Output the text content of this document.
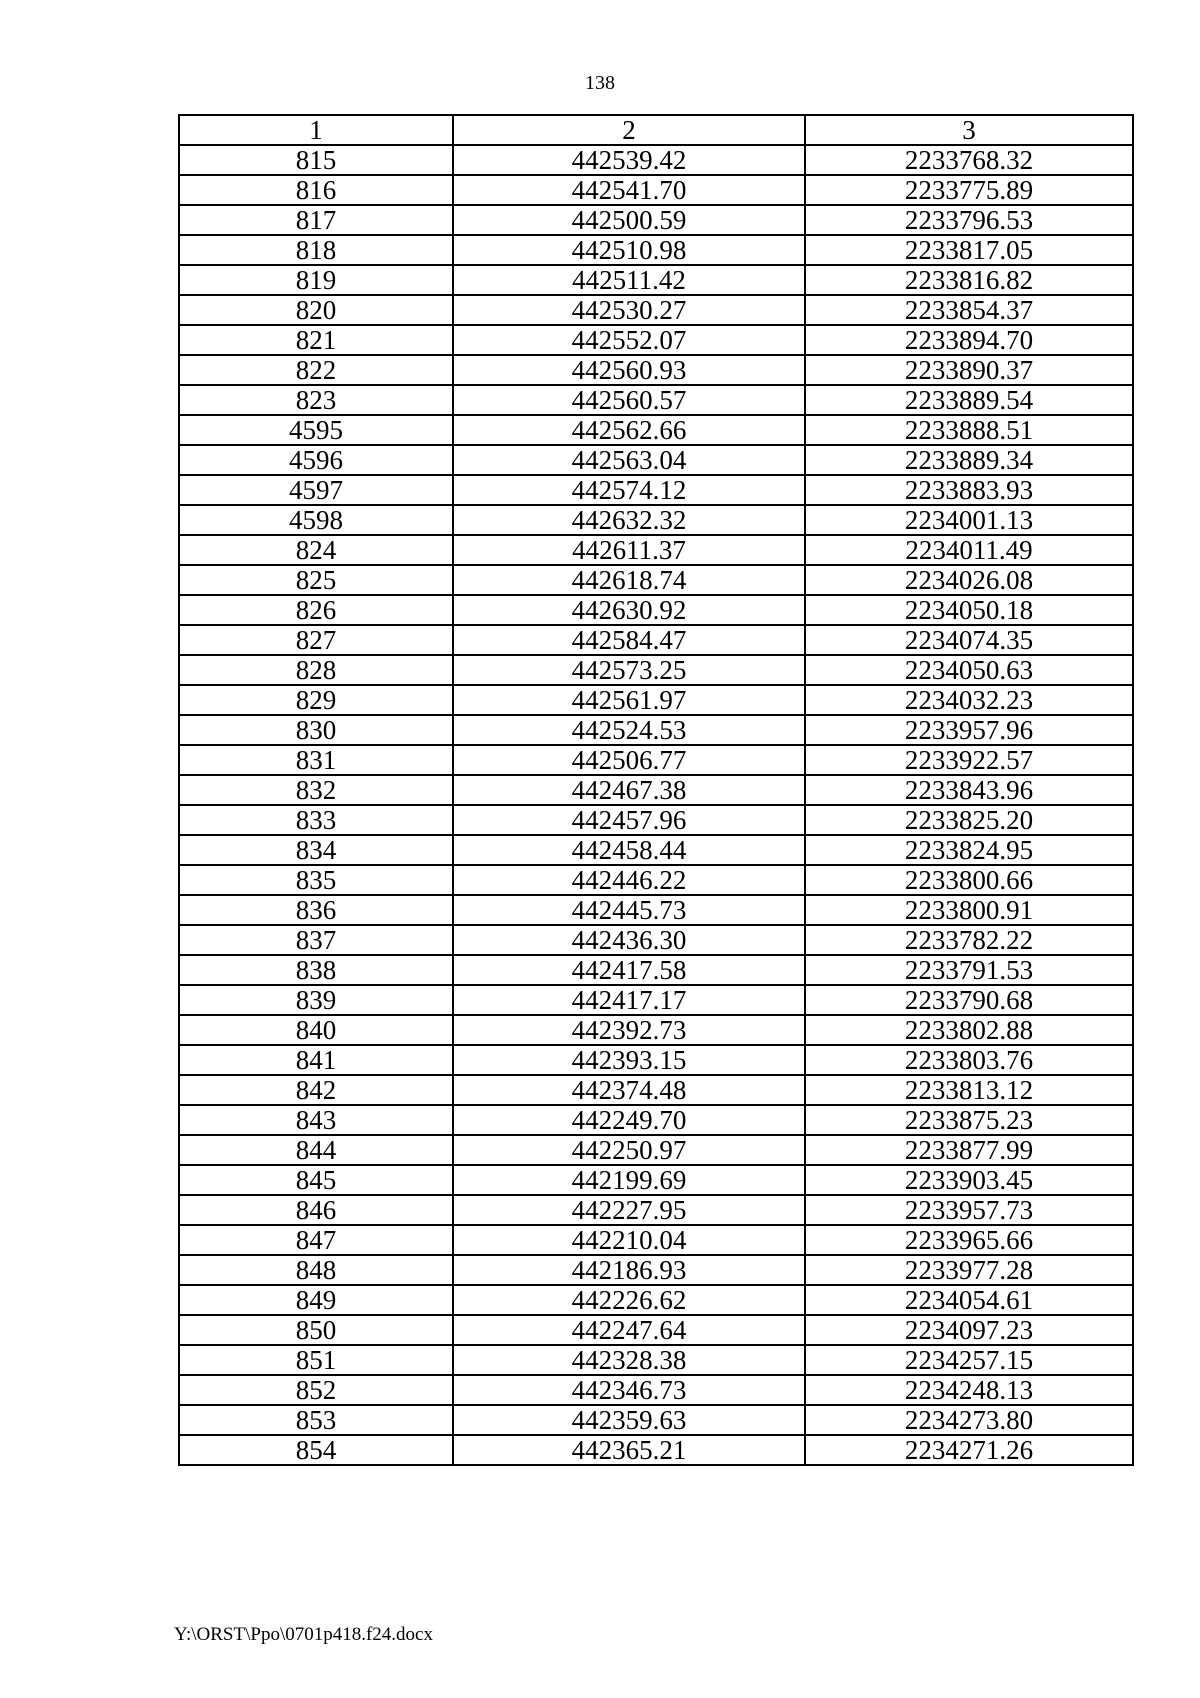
138
1	2	3
815	442539.42	2233768.32
816	442541.70	2233775.89
817	442500.59	2233796.53
818	442510.98	2233817.05
819	442511.42	2233816.82
820	442530.27	2233854.37
821	442552.07	2233894.70
822	442560.93	2233890.37
823	442560.57	2233889.54
4595	442562.66	2233888.51
4596	442563.04	2233889.34
4597	442574.12	2233883.93
4598	442632.32	2234001.13
824	442611.37	2234011.49
825	442618.74	2234026.08
826	442630.92	2234050.18
827	442584.47	2234074.35
828	442573.25	2234050.63
829	442561.97	2234032.23
830	442524.53	2233957.96
831	442506.77	2233922.57
832	442467.38	2233843.96
833	442457.96	2233825.20
834	442458.44	2233824.95
835	442446.22	2233800.66
836	442445.73	2233800.91
837	442436.30	2233782.22
838	442417.58	2233791.53
839	442417.17	2233790.68
840	442392.73	2233802.88
841	442393.15	2233803.76
842	442374.48	2233813.12
843	442249.70	2233875.23
844	442250.97	2233877.99
845	442199.69	2233903.45
846	442227.95	2233957.73
847	442210.04	2233965.66
848	442186.93	2233977.28
849	442226.62	2234054.61
850	442247.64	2234097.23
851	442328.38	2234257.15
852	442346.73	2234248.13
853	442359.63	2234273.80
854	442365.21	2234271.26
Y:\ORST\Ppo\0701p418.f24.docx
